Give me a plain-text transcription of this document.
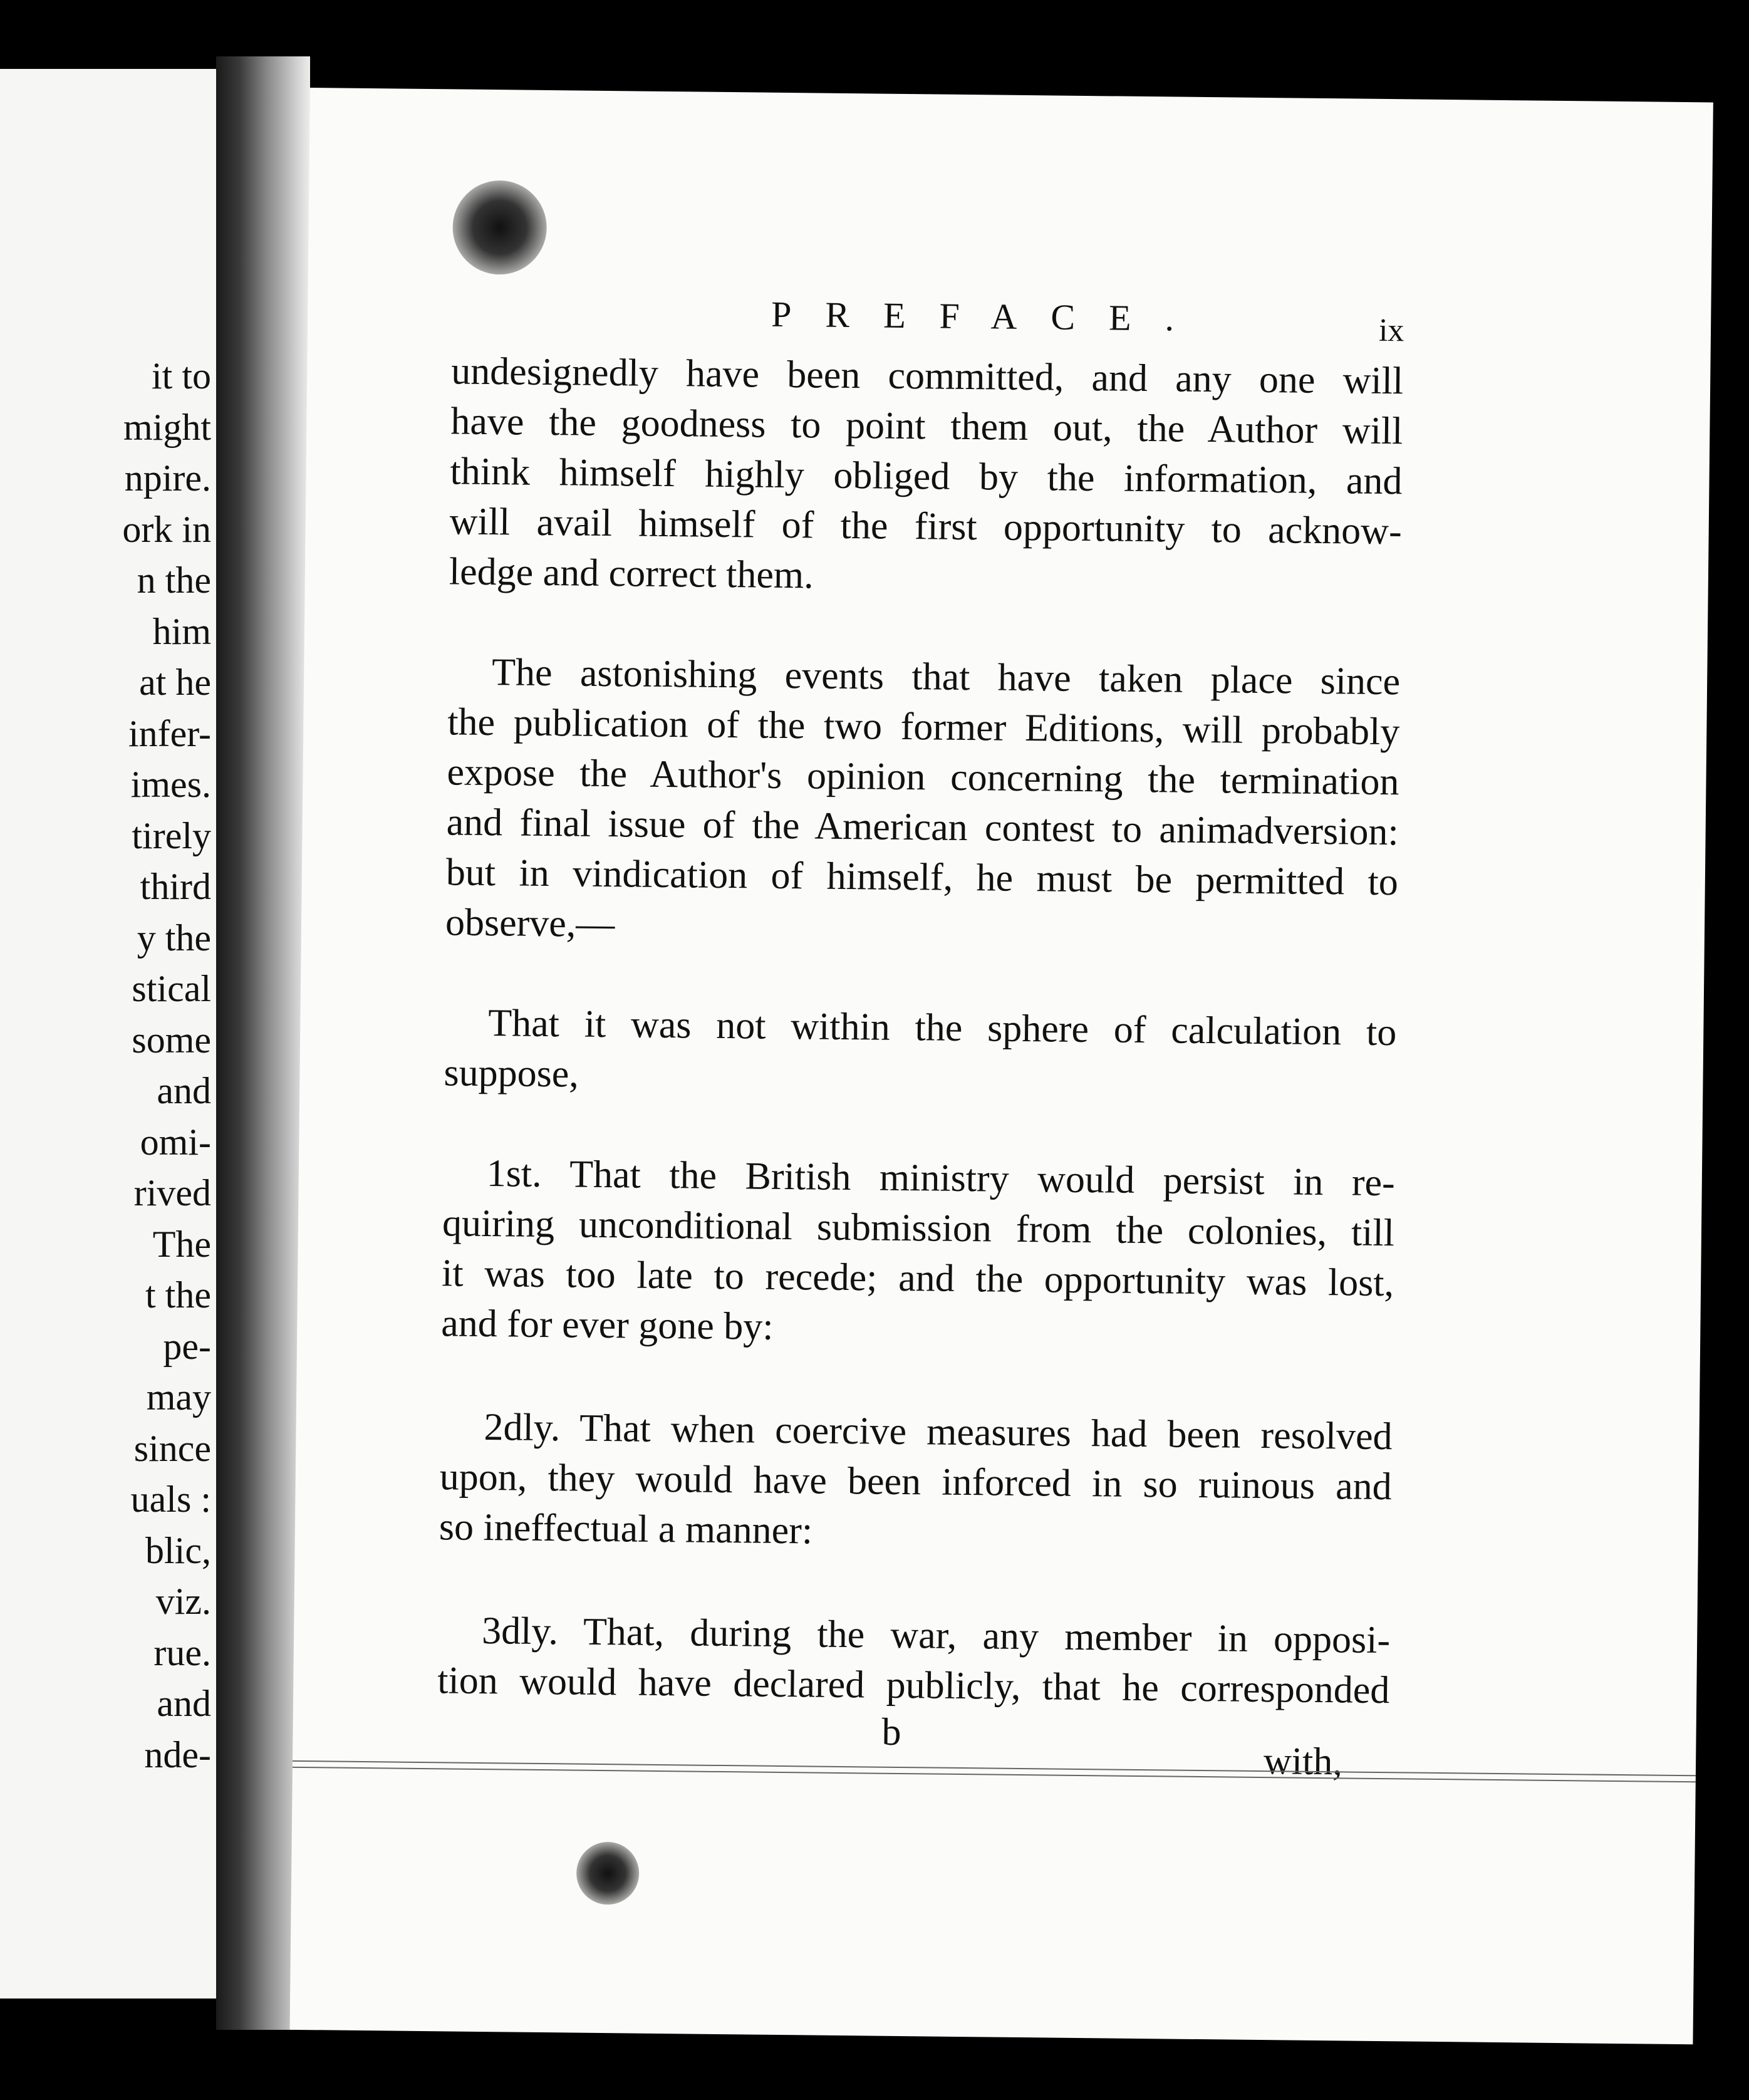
it to
might
npire.
ork in
n the
him
at he
infer-
imes.
tirely
third
y the
stical
some
and
omi-
rived
The
t the
pe-
may
since
uals :
blic,
viz.
rue.
and
nde-
PREFACE.	ix
undesignedly have been committed, and any one will
have the goodness to point them out, the Author will
think himself highly obliged by the information, and
will avail himself of the first opportunity to acknow-
ledge and correct them.
The astonishing events that have taken place since
the publication of the two former Editions, will probably
expose the Author's opinion concerning the termination
and final issue of the American contest to animadversion:
but in vindication of himself, he must be permitted to
observe,—
That it was not within the sphere of calculation to
suppose,
1st. That the British ministry would persist in re-
quiring unconditional submission from the colonies, till
it was too late to recede; and the opportunity was lost,
and for ever gone by:
2dly. That when coercive measures had been resolved
upon, they would have been inforced in so ruinous and
so ineffectual a manner:
3dly. That, during the war, any member in opposi-
tion would have declared publicly, that he corresponded
b
with,
